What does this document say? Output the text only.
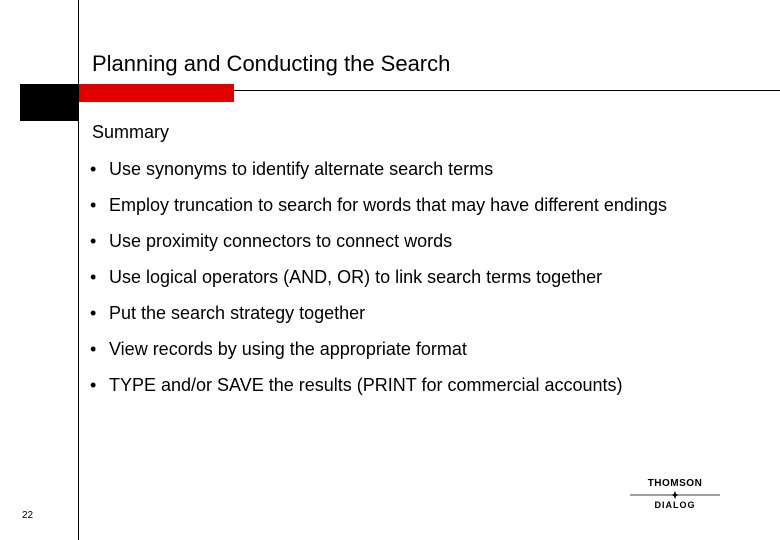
Planning and Conducting the Search
Summary
• Use synonyms to identify alternate search terms
• Employ truncation to search for words that may have different endings
• Use proximity connectors to connect words
• Use logical operators (AND, OR) to link search terms together
• Put the search strategy together
• View records by using the appropriate format
• TYPE and/or SAVE the results (PRINT for commercial accounts)
22
THOMSON
DIALOG
